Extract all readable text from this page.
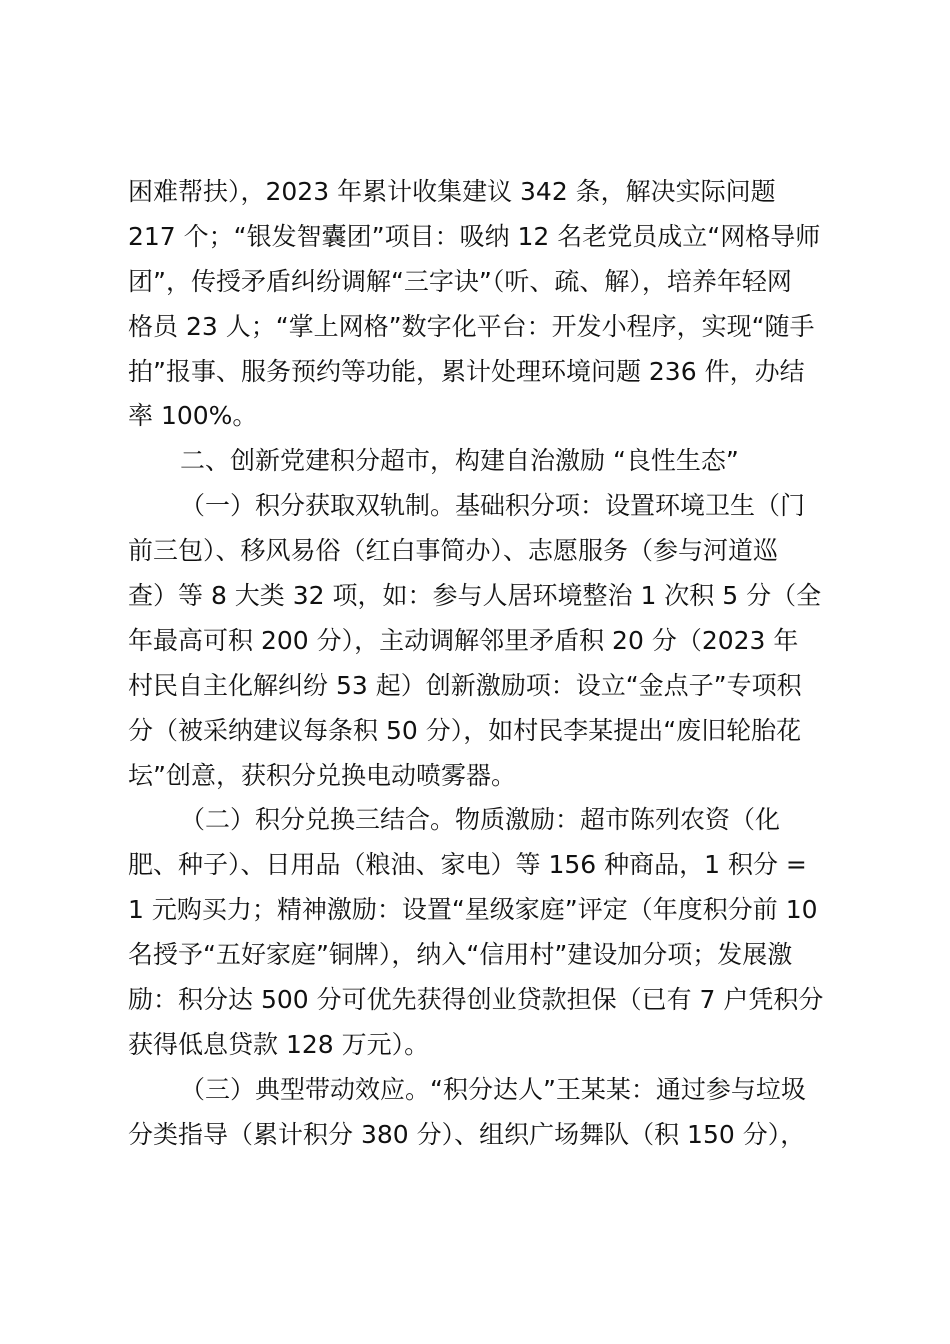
困难帮扶），2023 年累计收集建议 342 条，解决实际问题
217 个；“银发智囊团”项目：吸纳 12 名老党员成立“网格导师
团”，传授矛盾纠纷调解“三字诀”（听、疏、解），培养年轻网
格员 23 人；“掌上网格”数字化平台：开发小程序，实现“随手
拍”报事、服务预约等功能，累计处理环境问题 236 件，办结
率 100%。
二、创新党建积分超市，构建自治激励 “良性生态”
（一）积分获取双轨制。基础积分项：设置环境卫生（门
前三包）、移风易俗（红白事简办）、志愿服务（参与河道巡
查）等 8 大类 32 项，如：参与人居环境整治 1 次积 5 分（全
年最高可积 200 分），主动调解邻里矛盾积 20 分（2023 年
村民自主化解纠纷 53 起）创新激励项：设立“金点子”专项积
分（被采纳建议每条积 50 分），如村民李某提出“废旧轮胎花
坛”创意，获积分兑换电动喷雾器。
（二）积分兑换三结合。物质激励：超市陈列农资（化
肥、种子）、日用品（粮油、家电）等 156 种商品，1 积分 =
1 元购买力；精神激励：设置“星级家庭”评定（年度积分前 10
名授予“五好家庭”铜牌），纳入“信用村”建设加分项；发展激
励：积分达 500 分可优先获得创业贷款担保（已有 7 户凭积分
获得低息贷款 128 万元）。
（三）典型带动效应。“积分达人”王某某：通过参与垃圾
分类指导（累计积分 380 分）、组织广场舞队（积 150 分），
